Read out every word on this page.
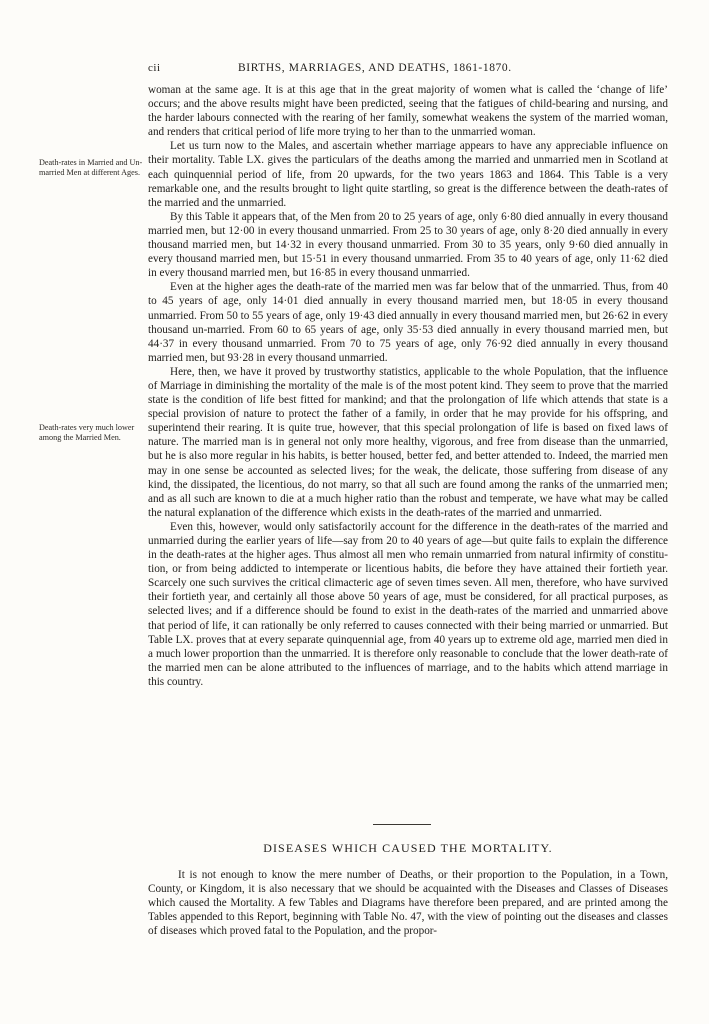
cii	BIRTHS, MARRIAGES, AND DEATHS, 1861-1870.
Death-rates in Married and Un-married Men at different Ages.
Death-rates very much lower among the Married Men.

woman at the same age. It is at this age that in the great majority of women what is called the ‘change of life’ occurs; and the above results might have been predicted, seeing that the fatigues of child-bearing and nursing, and the harder labours connected with the rearing of her family, somewhat weakens the system of the married woman, and renders that critical period of life more trying to her than to the unmarried woman.

Let us turn now to the Males, and ascertain whether marriage appears to have any appreciable influence on their mortality. Table LX. gives the particulars of the deaths among the married and unmarried men in Scotland at each quinquennial period of life, from 20 upwards, for the two years 1863 and 1864. This Table is a very remarkable one, and the results brought to light quite startling, so great is the difference between the death-rates of the married and the unmarried.

By this Table it appears that, of the Men from 20 to 25 years of age, only 6·80 died annually in every thousand married men, but 12·00 in every thousand unmarried. From 25 to 30 years of age, only 8·20 died annually in every thousand married men, but 14·32 in every thousand unmarried. From 30 to 35 years, only 9·60 died annually in every thousand married men, but 15·51 in every thousand unmarried. From 35 to 40 years of age, only 11·62 died in every thousand married men, but 16·85 in every thousand unmarried.

Even at the higher ages the death-rate of the married men was far below that of the unmarried. Thus, from 40 to 45 years of age, only 14·01 died annually in every thousand married men, but 18·05 in every thousand unmarried. From 50 to 55 years of age, only 19·43 died annually in every thousand married men, but 26·62 in every thousand un-married. From 60 to 65 years of age, only 35·53 died annually in every thousand married men, but 44·37 in every thousand unmarried. From 70 to 75 years of age, only 76·92 died annually in every thousand married men, but 93·28 in every thousand unmarried.

Here, then, we have it proved by trustworthy statistics, applicable to the whole Population, that the influence of Marriage in diminishing the mortality of the male is of the most potent kind. They seem to prove that the married state is the condition of life best fitted for mankind; and that the prolongation of life which attends that state is a special provision of nature to protect the father of a family, in order that he may provide for his offspring, and superintend their rearing. It is quite true, however, that this special prolongation of life is based on fixed laws of nature. The married man is in general not only more healthy, vigorous, and free from disease than the unmarried, but he is also more regular in his habits, is better housed, better fed, and better attended to. Indeed, the married men may in one sense be accounted as selected lives; for the weak, the delicate, those suffering from disease of any kind, the dissipated, the licentious, do not marry, so that all such are found among the ranks of the unmarried men; and as all such are known to die at a much higher ratio than the robust and temperate, we have what may be called the natural explanation of the difference which exists in the death-rates of the married and unmarried.

Even this, however, would only satisfactorily account for the difference in the death-rates of the married and unmarried during the earlier years of life—say from 20 to 40 years of age—but quite fails to explain the difference in the death-rates at the higher ages. Thus almost all men who remain unmarried from natural infirmity of constitu-tion, or from being addicted to intemperate or licentious habits, die before they have attained their fortieth year. Scarcely one such survives the critical climacteric age of seven times seven. All men, therefore, who have survived their fortieth year, and certainly all those above 50 years of age, must be considered, for all practical purposes, as selected lives; and if a difference should be found to exist in the death-rates of the married and unmarried above that period of life, it can rationally be only referred to causes connected with their being married or unmarried. But Table LX. proves that at every separate quinquennial age, from 40 years up to extreme old age, married men died in a much lower proportion than the unmarried. It is therefore only reasonable to conclude that the lower death-rate of the married men can be alone attributed to the influences of marriage, and to the habits which attend marriage in this country.

DISEASES WHICH CAUSED THE MORTALITY.

It is not enough to know the mere number of Deaths, or their proportion to the Population, in a Town, County, or Kingdom, it is also necessary that we should be acquainted with the Diseases and Classes of Diseases which caused the Mortality. A few Tables and Diagrams have therefore been prepared, and are printed among the Tables appended to this Report, beginning with Table No. 47, with the view of pointing out the diseases and classes of diseases which proved fatal to the Population, and the propor-
